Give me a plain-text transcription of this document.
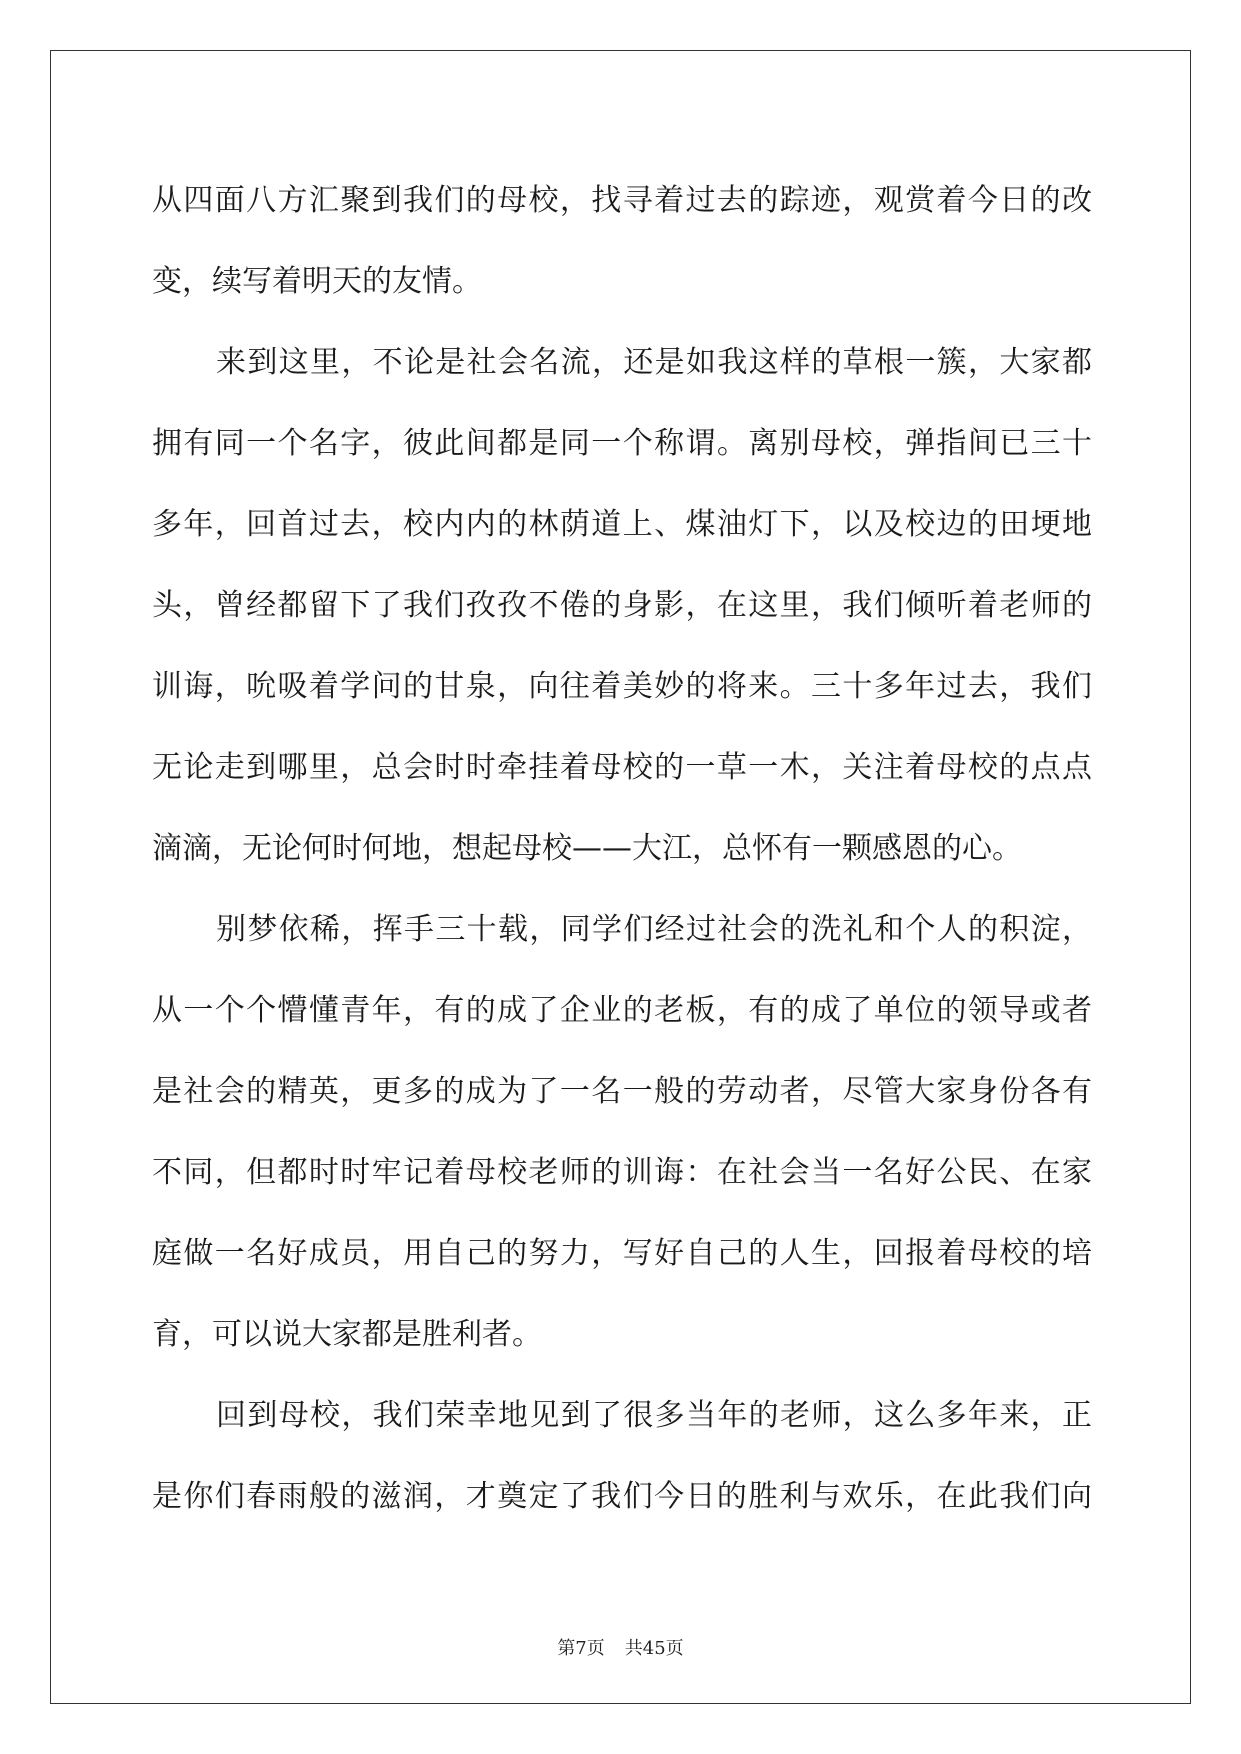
从四面八方汇聚到我们的母校，找寻着过去的踪迹，观赏着今日的改
变，续写着明天的友情。
来到这里，不论是社会名流，还是如我这样的草根一簇，大家都
拥有同一个名字，彼此间都是同一个称谓。离别母校，弹指间已三十
多年，回首过去，校内内的林荫道上、煤油灯下，以及校边的田埂地
头，曾经都留下了我们孜孜不倦的身影，在这里，我们倾听着老师的
训诲，吮吸着学问的甘泉，向往着美妙的将来。三十多年过去，我们
无论走到哪里，总会时时牵挂着母校的一草一木，关注着母校的点点
滴滴，无论何时何地，想起母校——大江，总怀有一颗感恩的心。
别梦依稀，挥手三十载，同学们经过社会的洗礼和个人的积淀，
从一个个懵懂青年，有的成了企业的老板，有的成了单位的领导或者
是社会的精英，更多的成为了一名一般的劳动者，尽管大家身份各有
不同，但都时时牢记着母校老师的训诲：在社会当一名好公民、在家
庭做一名好成员，用自己的努力，写好自己的人生，回报着母校的培
育，可以说大家都是胜利者。
回到母校，我们荣幸地见到了很多当年的老师，这么多年来，正
是你们春雨般的滋润，才奠定了我们今日的胜利与欢乐，在此我们向
第7页 共45页
